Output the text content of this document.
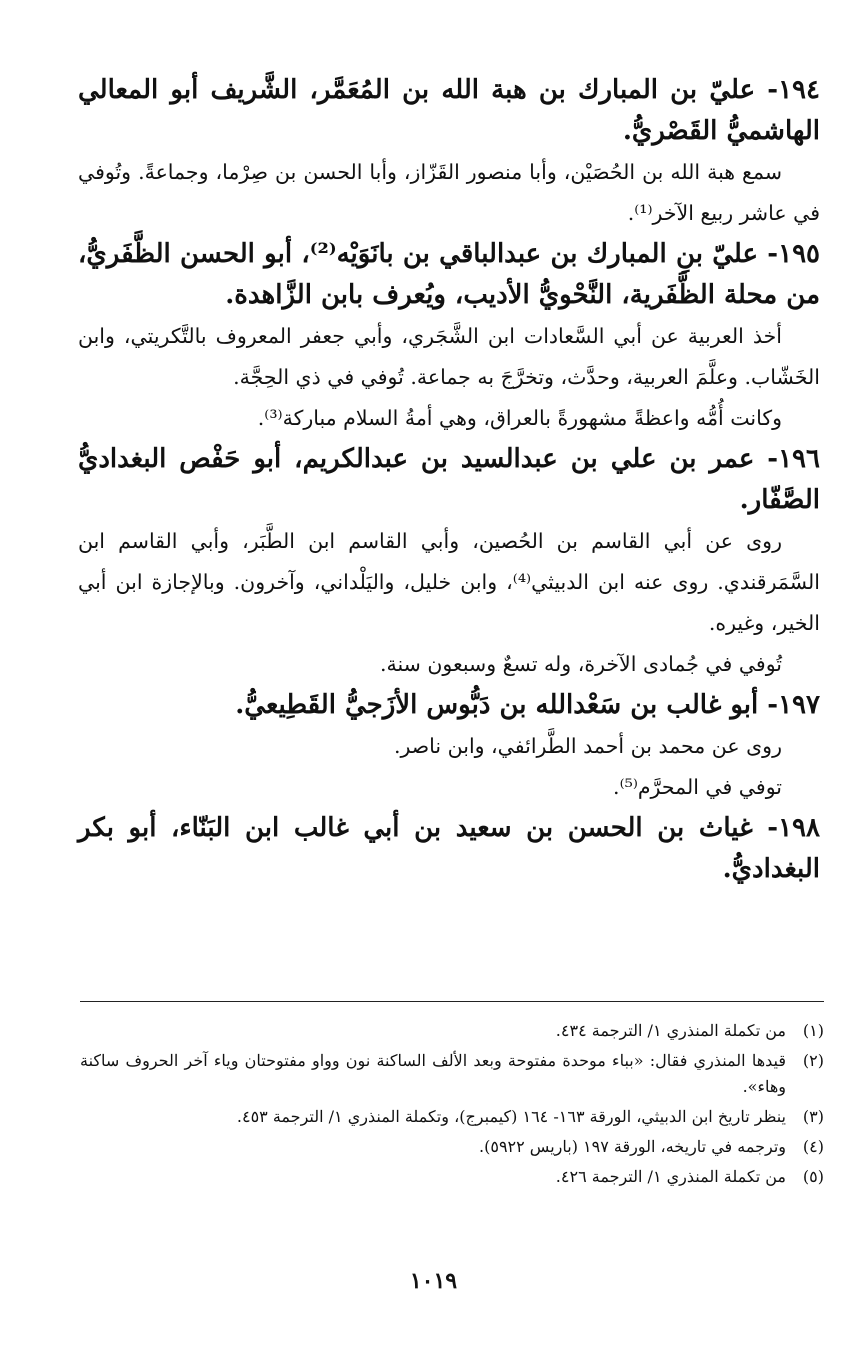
١٩٤- عليّ بن المبارك بن هبة الله بن المُعَمَّر، الشَّريف أبو المعالي الهاشميُّ القَصْريُّ.

سمع هبة الله بن الحُصَيْن، وأبا منصور القَزّاز، وأبا الحسن بن صِرْما، وجماعةً. وتُوفي في عاشر ربيع الآخر⁽¹⁾.

١٩٥- عليّ بنِ المبارك بن عبدالباقي بن بانَوَيْه⁽²⁾، أبو الحسن الظَّفَريُّ، من محلة الظَّفَرية، النَّحْويُّ الأديب، ويُعرف بابن الزَّاهدة.

أخذ العربية عن أبي السَّعادات ابن الشَّجَري، وأبي جعفر المعروف بالتَّكريتي، وابن الخَشّاب. وعلَّمَ العربية، وحدَّث، وتخرَّجَ به جماعة. تُوفي في ذي الحِجَّة.

وكانت أُمُّه واعظةً مشهورةً بالعراق، وهي أمةُ السلام مباركة⁽³⁾.

١٩٦- عمر بن علي بن عبدالسيد بن عبدالكريم، أبو حَفْص البغداديُّ الصَّفّار.

روى عن أبي القاسم بن الحُصين، وأبي القاسم ابن الطَّبَر، وأبي القاسم ابن السَّمَرقندي. روى عنه ابن الدبيثي⁽⁴⁾، وابن خليل، واليَلْداني، وآخرون. وبالإجازة ابن أبي الخير، وغيره.

تُوفي في جُمادى الآخرة، وله تسعٌ وسبعون سنة.

١٩٧- أبو غالب بن سَعْدالله بن دَبُّوس الأزَجيُّ القَطِيعيُّ.

روى عن محمد بن أحمد الطَّرائفي، وابن ناصر.

توفي في المحرَّم⁽⁵⁾.

١٩٨- غياث بن الحسن بن سعيد بن أبي غالب ابن البَنّاء، أبو بكر البغداديُّ.
(١)
من تكملة المنذري ١/ الترجمة ٤٣٤.
(٢)
قيدها المنذري فقال: «بباء موحدة مفتوحة وبعد الألف الساكنة نون وواو مفتوحتان وياء آخر الحروف ساكنة وهاء».
(٣)
ينظر تاريخ ابن الدبيثي، الورقة ١٦٣- ١٦٤ (كيمبرج)، وتكملة المنذري ١/ الترجمة ٤٥٣.
(٤)
وترجمه في تاريخه، الورقة ١٩٧ (باريس ٥٩٢٢).
(٥)
من تكملة المنذري ١/ الترجمة ٤٢٦.
١٠١٩
